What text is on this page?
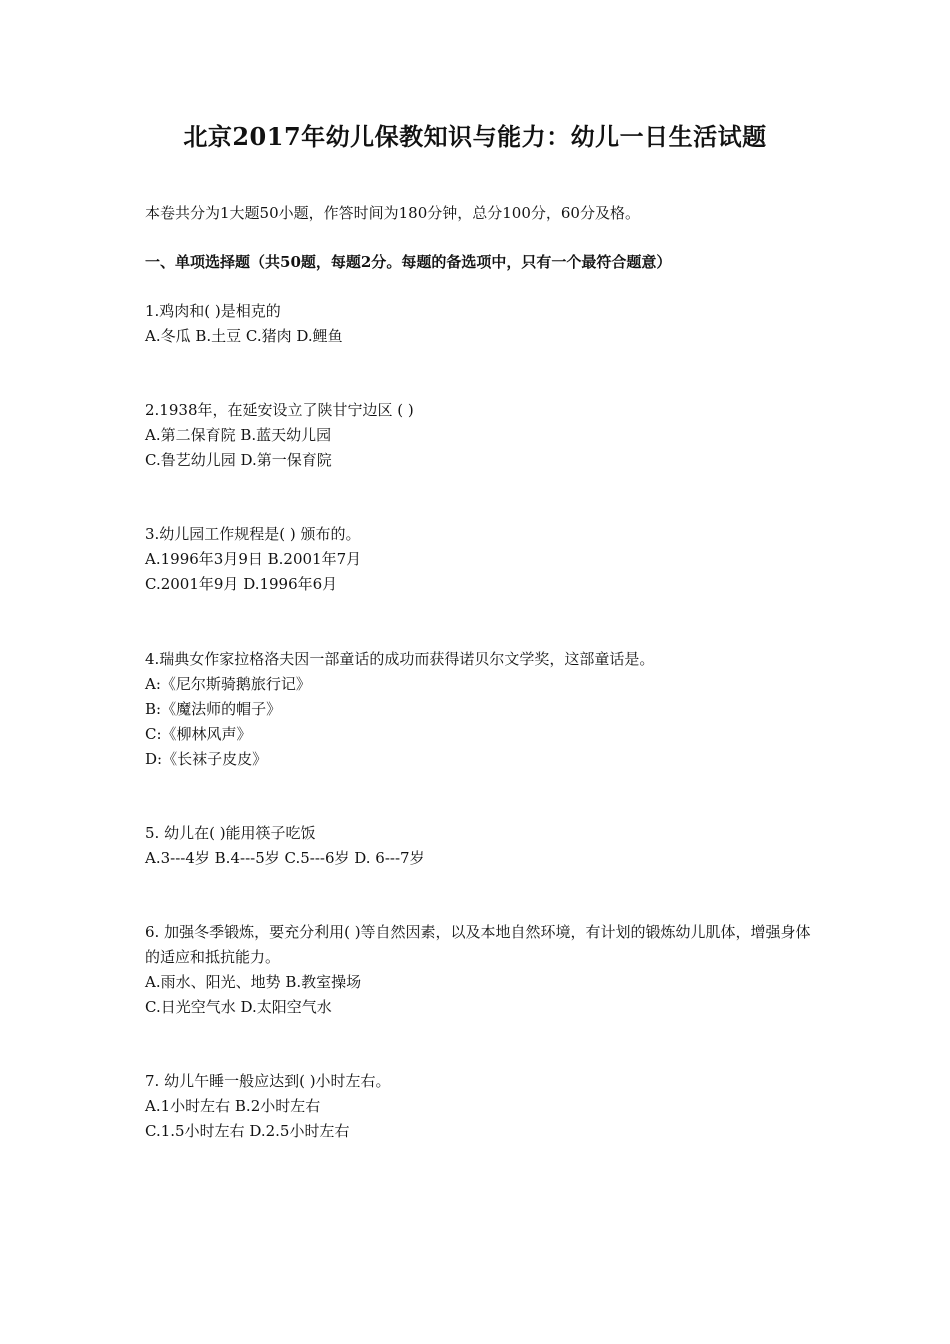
北京2017年幼儿保教知识与能力：幼儿一日生活试题
本卷共分为1大题50小题，作答时间为180分钟，总分100分，60分及格。
一、单项选择题（共50题，每题2分。每题的备选项中，只有一个最符合题意）
1.鸡肉和( )是相克的
A.冬瓜 B.土豆 C.猪肉 D.鲤鱼
2.1938年，在延安设立了陕甘宁边区 ( )
A.第二保育院 B.蓝天幼儿园
C.鲁艺幼儿园 D.第一保育院
3.幼儿园工作规程是( ) 颁布的。
A.1996年3月9日 B.2001年7月
C.2001年9月 D.1996年6月
4.瑞典女作家拉格洛夫因一部童话的成功而获得诺贝尔文学奖，这部童话是。
A:《尼尔斯骑鹅旅行记》
B:《魔法师的帽子》
C:《柳林风声》
D:《长袜子皮皮》
5. 幼儿在( )能用筷子吃饭
A.3---4岁 B.4---5岁 C.5---6岁 D. 6---7岁
6. 加强冬季锻炼，要充分利用( )等自然因素，以及本地自然环境，有计划的锻炼幼儿肌体，增强身体的适应和抵抗能力。
A.雨水、阳光、地势 B.教室操场
C.日光空气水 D.太阳空气水
7. 幼儿午睡一般应达到( )小时左右。
A.1小时左右 B.2小时左右
C.1.5小时左右 D.2.5小时左右
